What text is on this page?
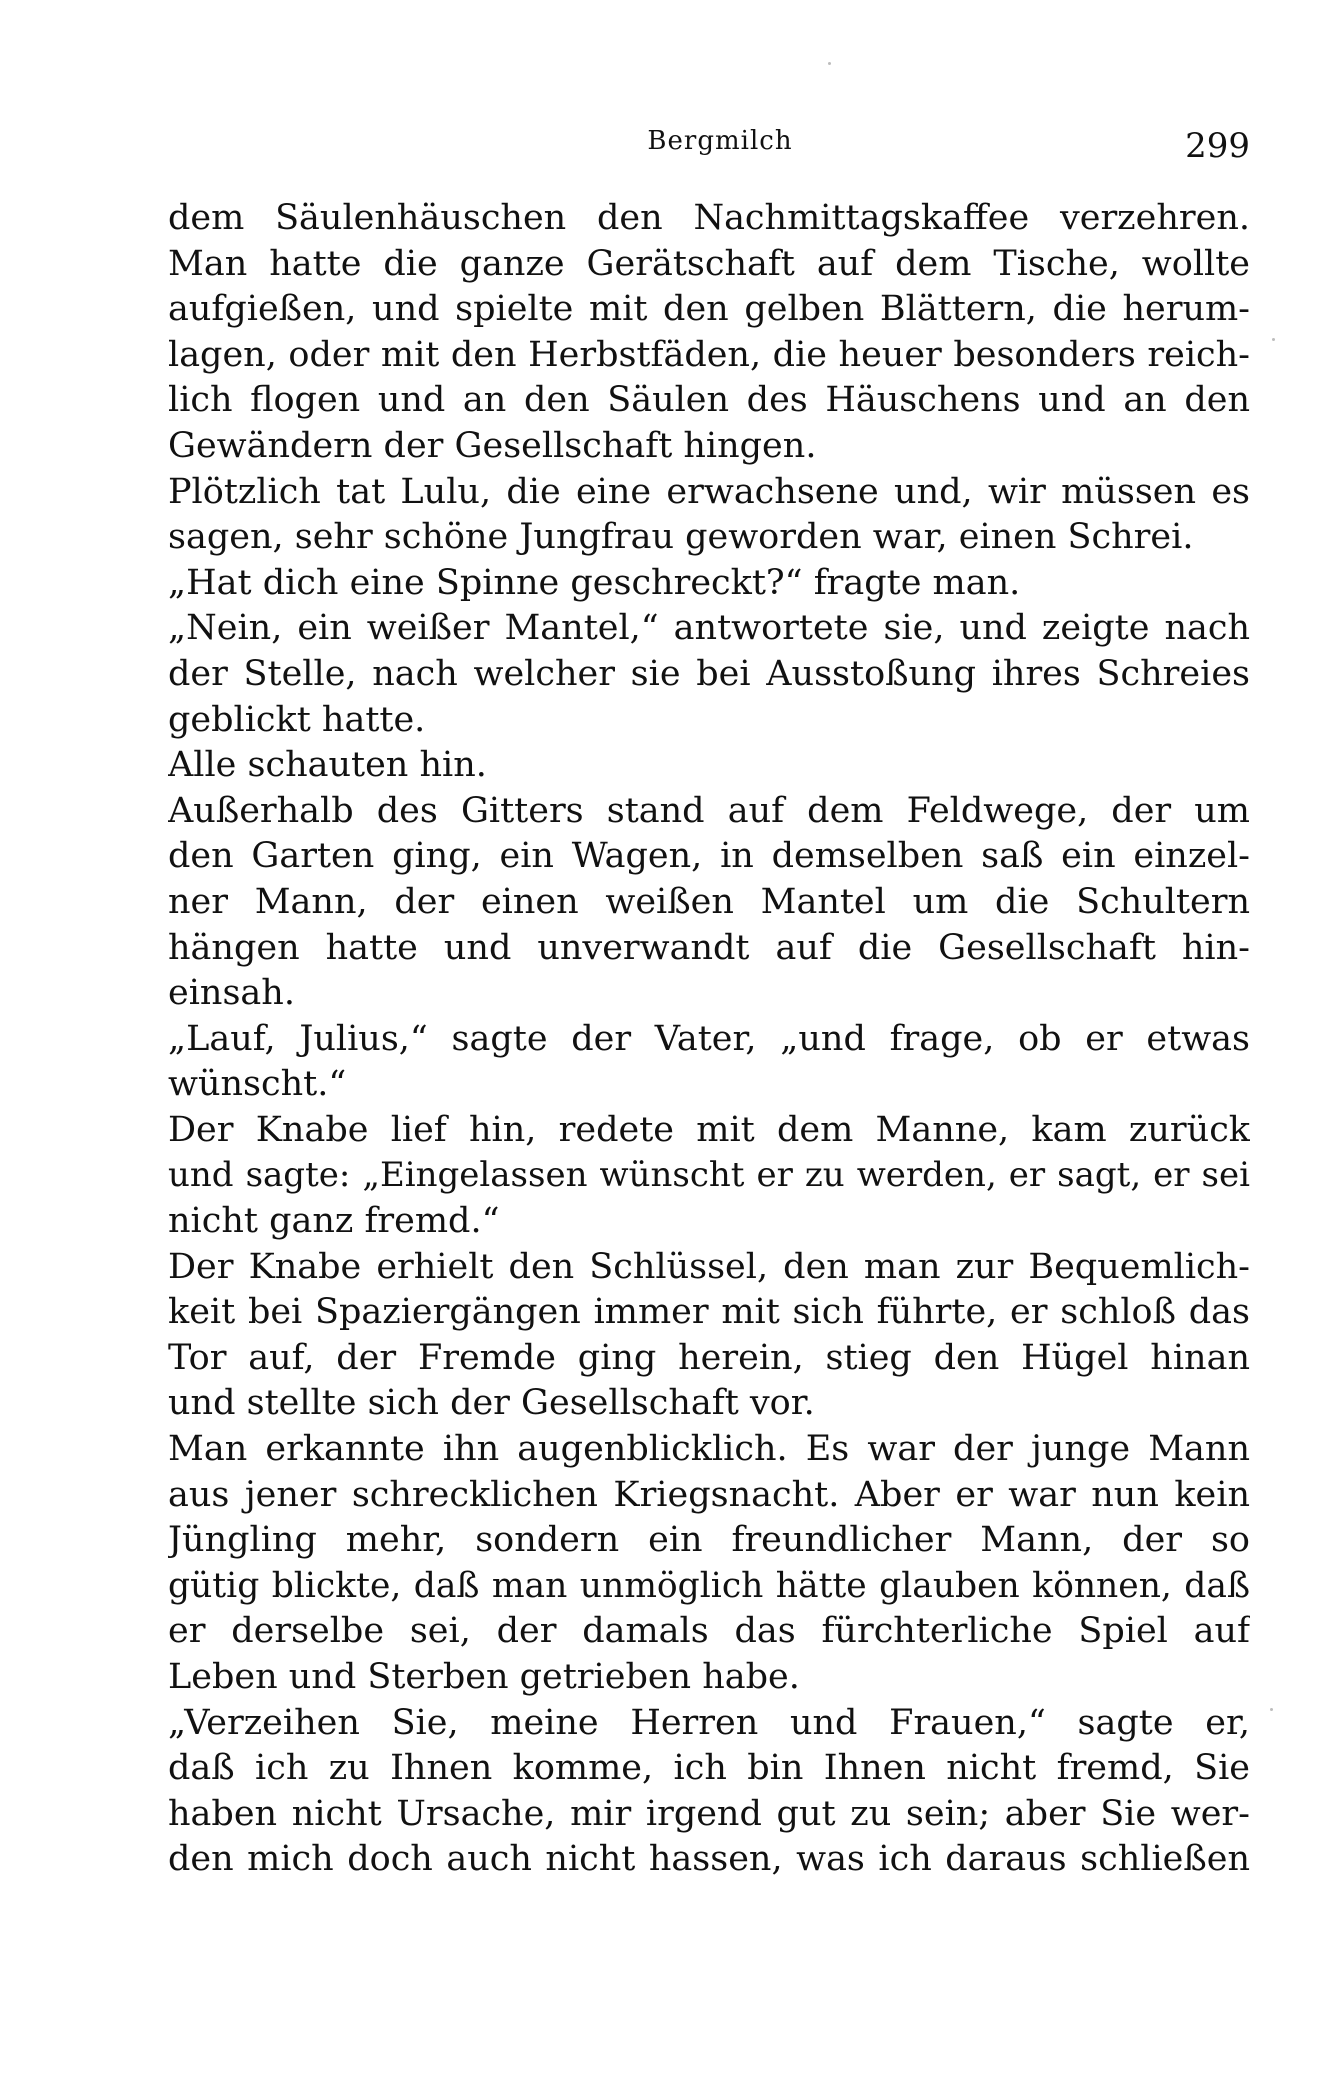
Bergmilch	299
dem Säulenhäuschen den Nachmittagskaffee verzehren.
Man hatte die ganze Gerätschaft auf dem Tische, wollte
aufgießen, und spielte mit den gelben Blättern, die herum-
lagen, oder mit den Herbstfäden, die heuer besonders reich-
lich flogen und an den Säulen des Häuschens und an den
Gewändern der Gesellschaft hingen.
Plötzlich tat Lulu, die eine erwachsene und, wir müssen es
sagen, sehr schöne Jungfrau geworden war, einen Schrei.
„Hat dich eine Spinne geschreckt?“ fragte man.
„Nein, ein weißer Mantel,“ antwortete sie, und zeigte nach
der Stelle, nach welcher sie bei Ausstoßung ihres Schreies
geblickt hatte.
Alle schauten hin.
Außerhalb des Gitters stand auf dem Feldwege, der um
den Garten ging, ein Wagen, in demselben saß ein einzel-
ner Mann, der einen weißen Mantel um die Schultern
hängen hatte und unverwandt auf die Gesellschaft hin-
einsah.
„Lauf, Julius,“ sagte der Vater, „und frage, ob er etwas
wünscht.“
Der Knabe lief hin, redete mit dem Manne, kam zurück
und sagte: „Eingelassen wünscht er zu werden, er sagt, er sei
nicht ganz fremd.“
Der Knabe erhielt den Schlüssel, den man zur Bequemlich-
keit bei Spaziergängen immer mit sich führte, er schloß das
Tor auf, der Fremde ging herein, stieg den Hügel hinan
und stellte sich der Gesellschaft vor.
Man erkannte ihn augenblicklich. Es war der junge Mann
aus jener schrecklichen Kriegsnacht. Aber er war nun kein
Jüngling mehr, sondern ein freundlicher Mann, der so
gütig blickte, daß man unmöglich hätte glauben können, daß
er derselbe sei, der damals das fürchterliche Spiel auf
Leben und Sterben getrieben habe.
„Verzeihen Sie, meine Herren und Frauen,“ sagte er,
daß ich zu Ihnen komme, ich bin Ihnen nicht fremd, Sie
haben nicht Ursache, mir irgend gut zu sein; aber Sie wer-
den mich doch auch nicht hassen, was ich daraus schließen
